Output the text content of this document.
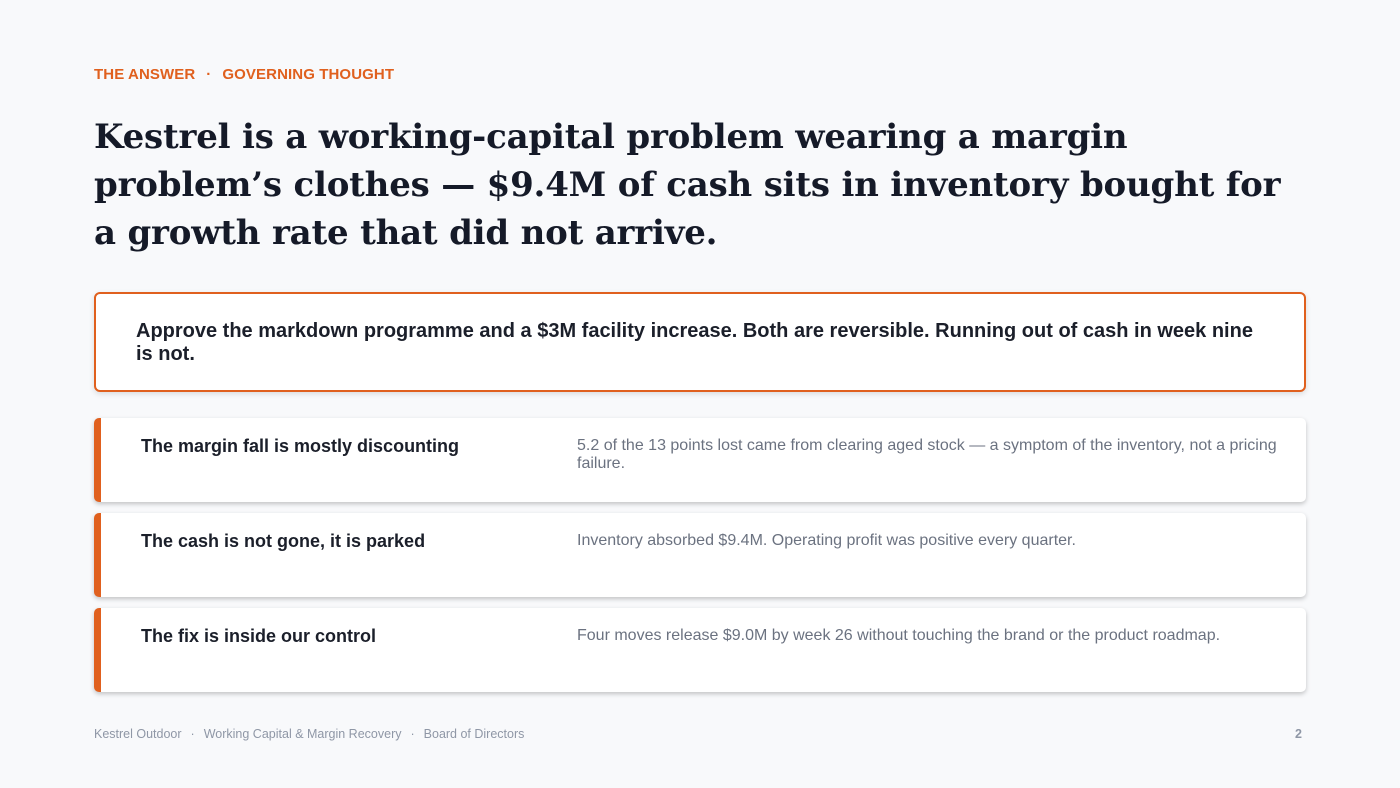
THE ANSWER · GOVERNING THOUGHT
Kestrel is a working-capital problem wearing a margin problem’s clothes — $9.4M of cash sits in inventory bought for a growth rate that did not arrive.
Approve the markdown programme and a $3M facility increase. Both are reversible. Running out of cash in week nine is not.
The margin fall is mostly discounting	5.2 of the 13 points lost came from clearing aged stock — a symptom of the inventory, not a pricing failure.
The cash is not gone, it is parked	Inventory absorbed $9.4M. Operating profit was positive every quarter.
The fix is inside our control	Four moves release $9.0M by week 26 without touching the brand or the product roadmap.
Kestrel Outdoor · Working Capital & Margin Recovery · Board of Directors	2
